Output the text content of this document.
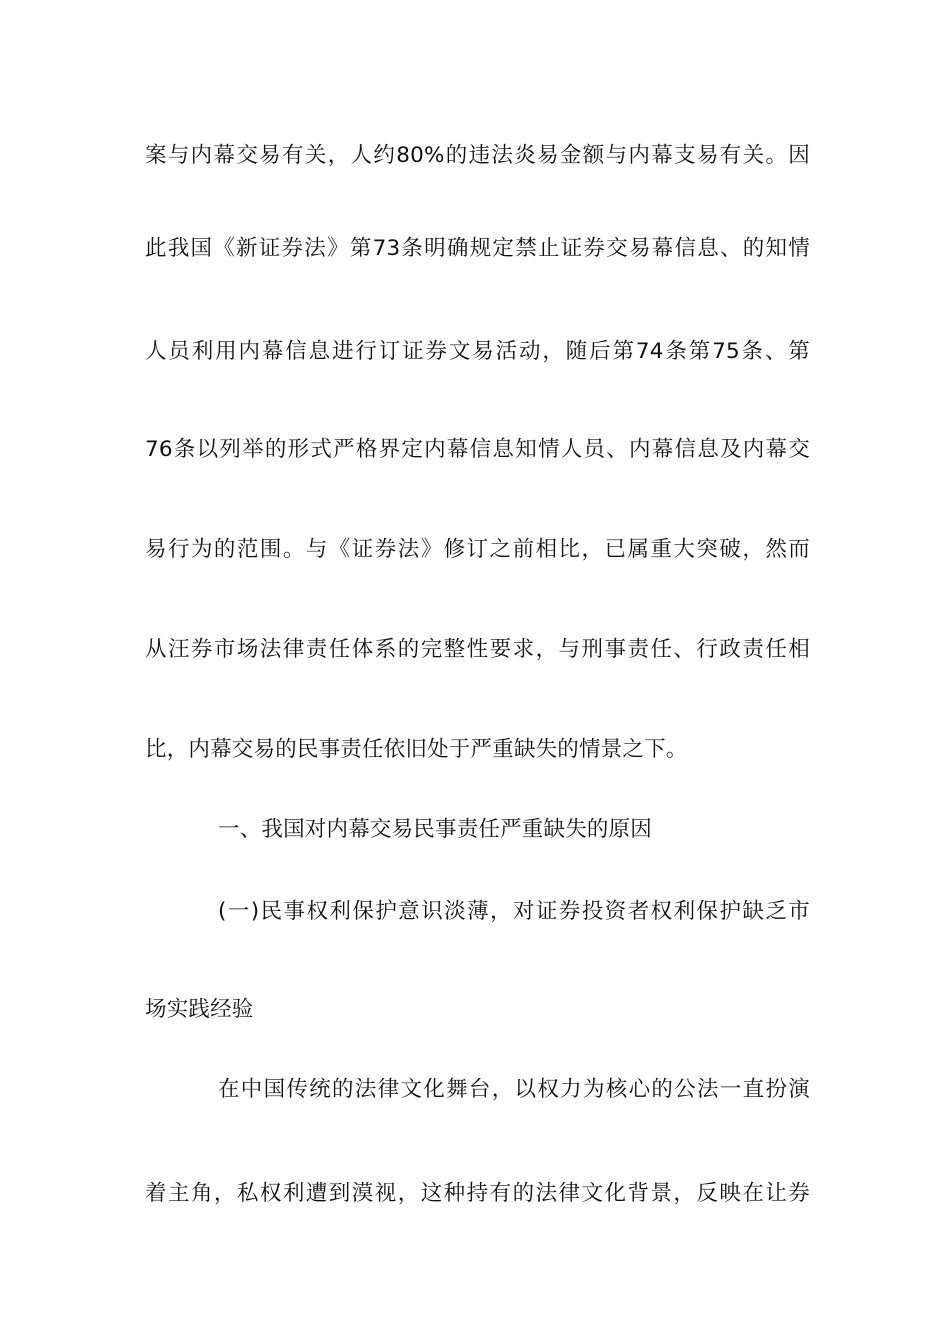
案与内幕交易有关，人约80%的违法炎易金额与内幕支易有关。因
此我国《新证券法》第73条明确规定禁止证券交易幕信息、的知情
人员利用内幕信息进行订证券文易活动，随后第74条第75条、第
76条以列举的形式严格界定内幕信息知情人员、内幕信息及内幕交
易行为的范围。与《证券法》修订之前相比，已属重大突破，然而
从汪券市场法律责任体系的完整性要求，与刑事责任、行政责任相
比，内幕交易的民事责任依旧处于严重缺失的情景之下。
一、我国对内幕交易民事责任严重缺失的原因
(一)民事权利保护意识淡薄，对证券投资者权利保护缺乏市
场实践经验
在中国传统的法律文化舞台，以权力为核心的公法一直扮演
着主角，私权利遭到漠视，这种持有的法律文化背景，反映在让券
